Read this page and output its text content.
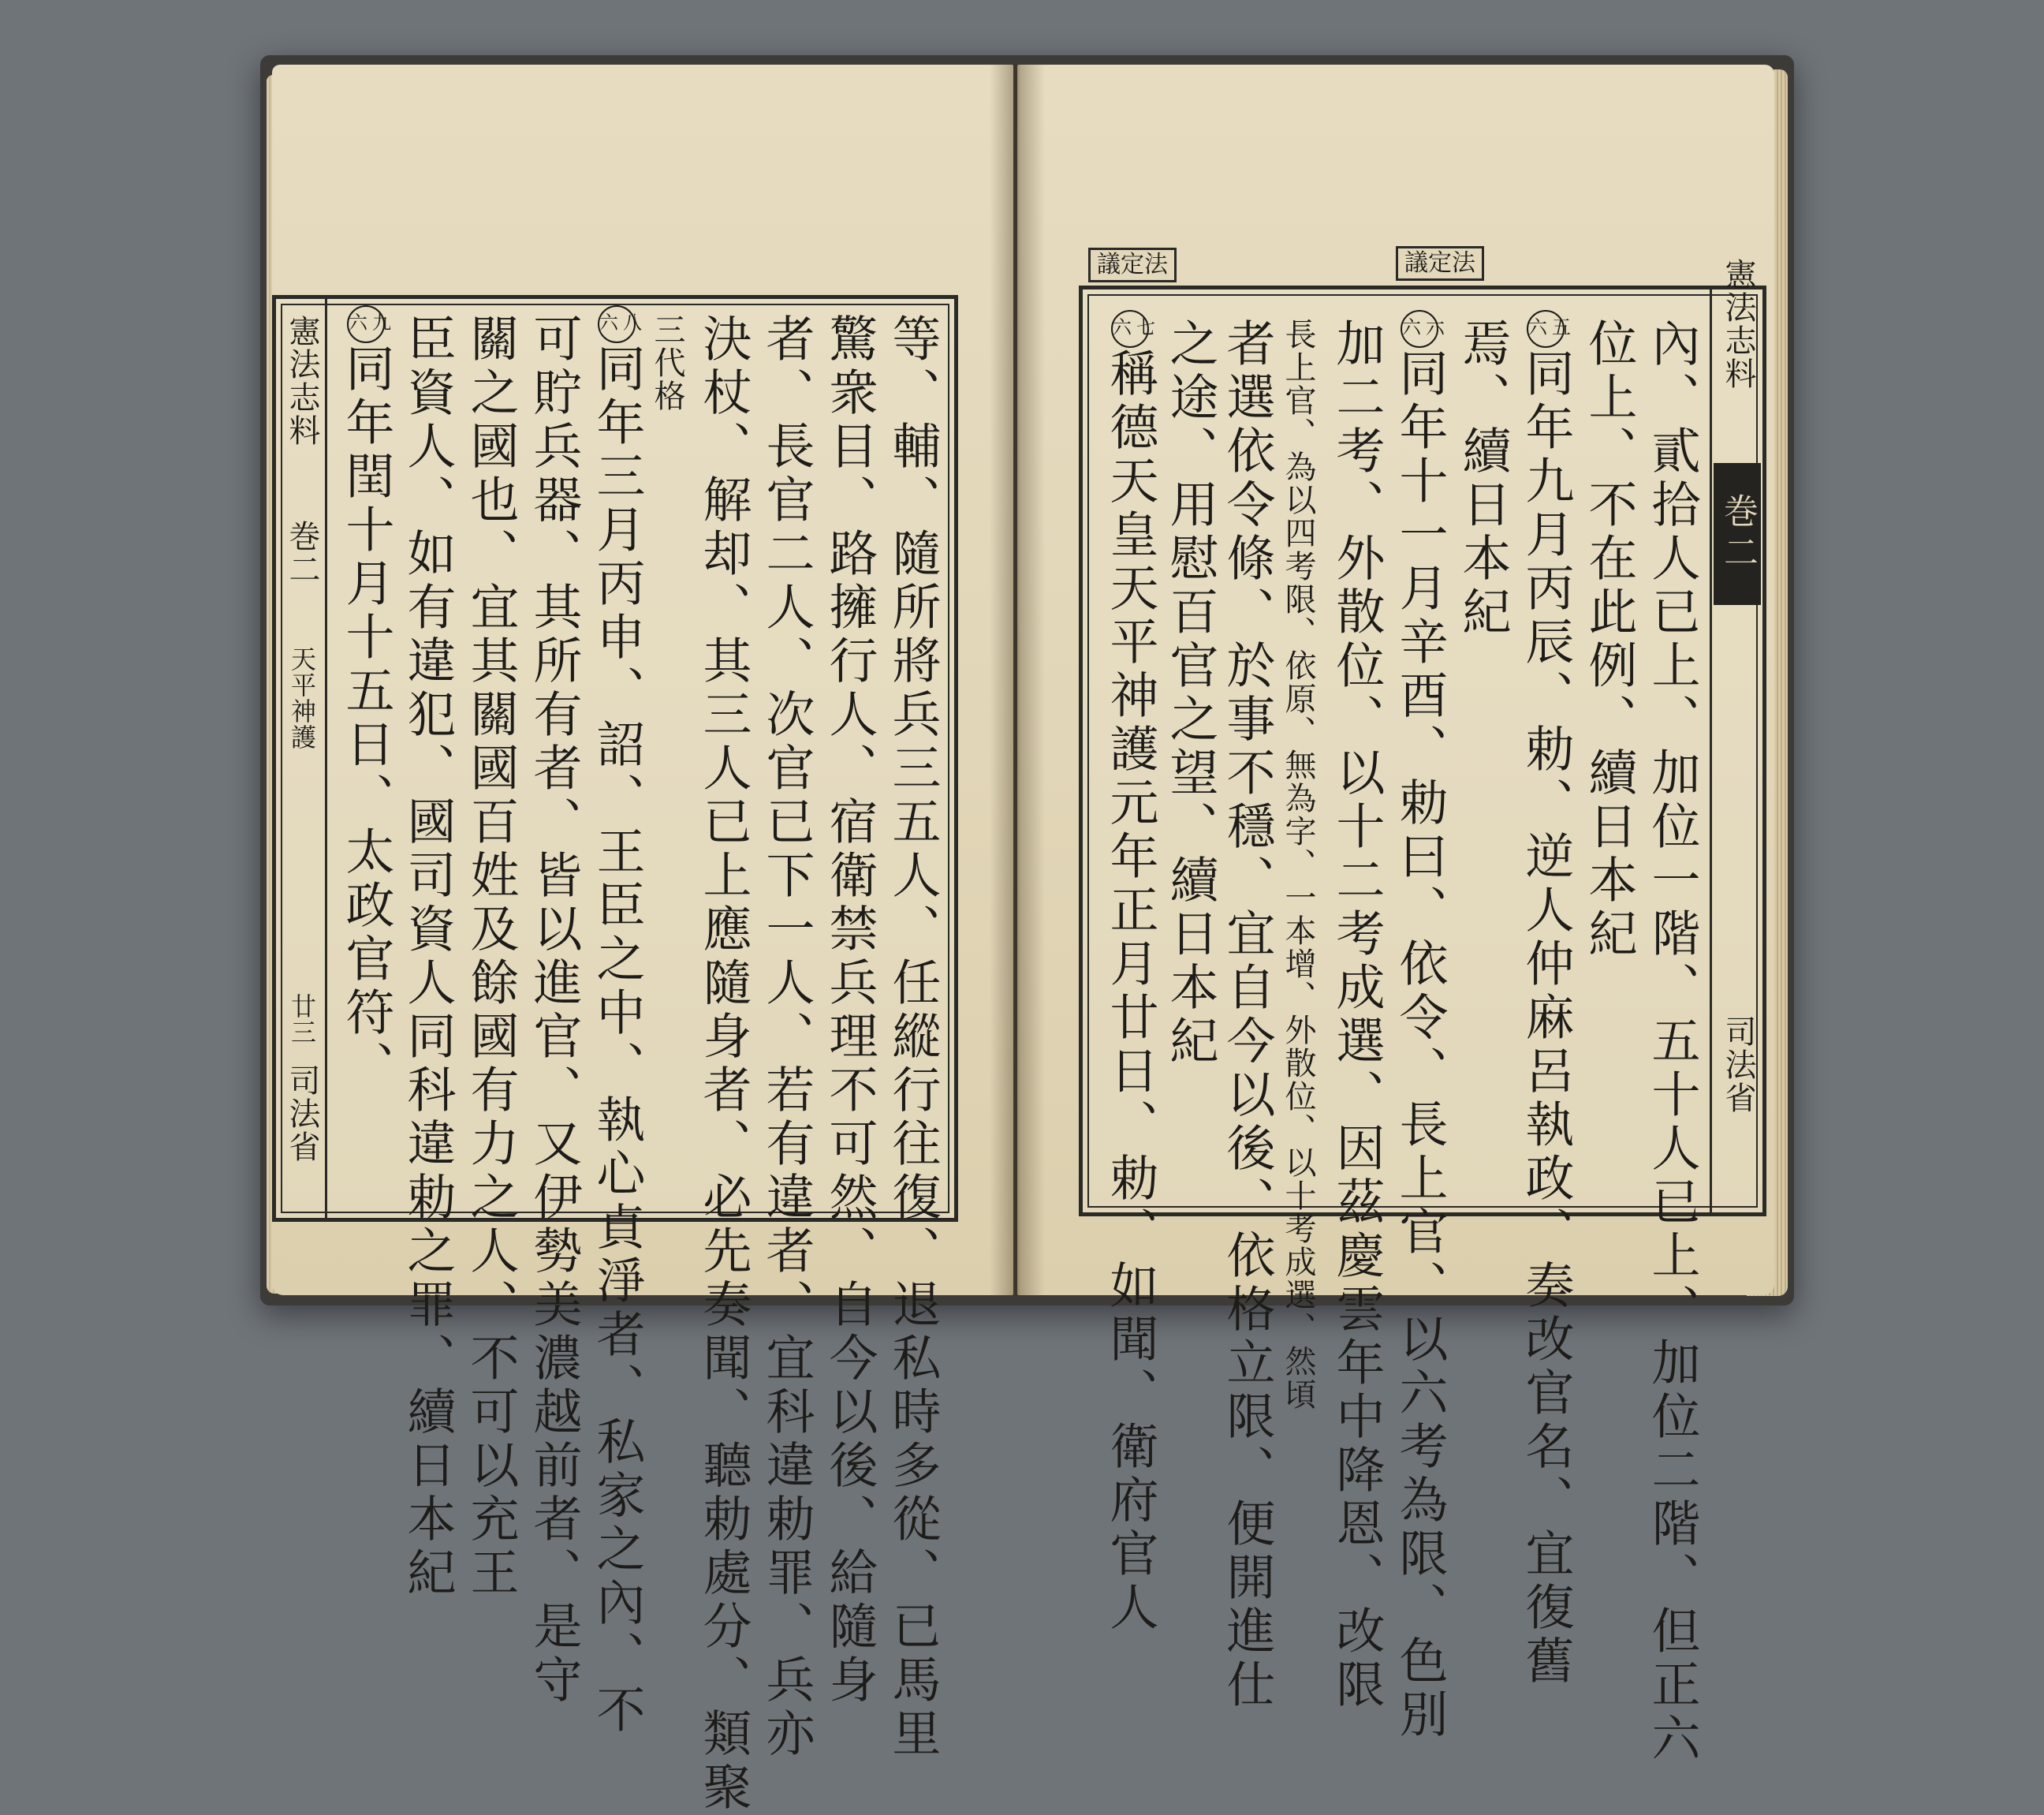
憲法志料
巻二
天平神護
廿三
司法省	等、輔、隨所將兵三五人、任縱行往復、退私時多從、已馬里
驚衆目、路擁行人、宿衛禁兵理不可然、自今以後、給隨身
者、長官二人、次官已下一人、若有違者、宜科違勅罪、兵亦
決杖、解却、其三人已上應隨身者、必先奏聞、聽勅處分、類聚
三代格
六八同年三月丙申、詔、王臣之中、執心貞淨者、私家之內、不
可貯兵器、其所有者、皆以進官、又伊勢美濃越前者、是守
關之國也、宜其關國百姓及餘國有力之人、不可以充王
臣資人、如有違犯、國司資人同科違勅之罪、續日本紀
六九同年閏十月十五日、太政官符、
議定法	議定法
內、貳拾人已上、加位一階、五十人已上、加位二階、但正六
位上、不在此例、續日本紀
六五同年九月丙辰、勅、逆人仲麻呂執政、奏改官名、宜復舊
焉、續日本紀
六六同年十一月辛酉、勅曰、依令、長上官、以六考為限、色別
加二考、外散位、以十二考成選、因茲慶雲年中降恩、改限
長上官、為以四考限、依原、無為字、一本增、外散位、以十考成選、然頃
者選依令條、於事不穩、宜自今以後、依格立限、便開進仕
之途、用慰百官之望、續日本紀
六七稱德天皇天平神護元年正月廿日、勅、如聞、衛府官人
憲法志料
巻二
司法省
